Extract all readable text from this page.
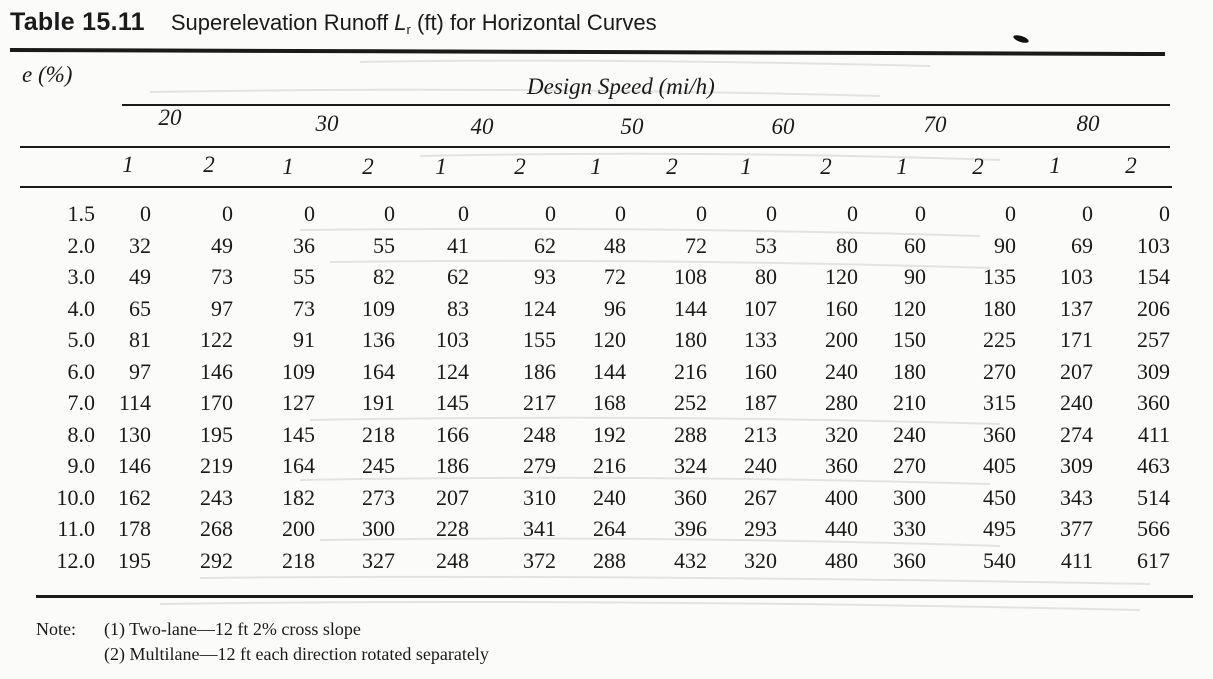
Table 15.11 Superelevation Runoff $L_r$ (ft) for Horizontal Curves
e (%)	Design Speed (mi/h)
20	30	40	50	60	70	80
1	2	1	2	1	2	1	2	1	2	1	2	1	2
1.5	0	0	0	0	0	0	0	0	0	0	0	0	0	0
2.0	32	49	36	55	41	62	48	72	53	80	60	90	69	103
3.0	49	73	55	82	62	93	72	108	80	120	90	135	103	154
4.0	65	97	73	109	83	124	96	144	107	160	120	180	137	206
5.0	81	122	91	136	103	155	120	180	133	200	150	225	171	257
6.0	97	146	109	164	124	186	144	216	160	240	180	270	207	309
7.0	114	170	127	191	145	217	168	252	187	280	210	315	240	360
8.0	130	195	145	218	166	248	192	288	213	320	240	360	274	411
9.0	146	219	164	245	186	279	216	324	240	360	270	405	309	463
10.0	162	243	182	273	207	310	240	360	267	400	300	450	343	514
11.0	178	268	200	300	228	341	264	396	293	440	330	495	377	566
12.0	195	292	218	327	248	372	288	432	320	480	360	540	411	617
Note: (1) Two-lane—12 ft 2% cross slope
(2) Multilane—12 ft each direction rotated separately
